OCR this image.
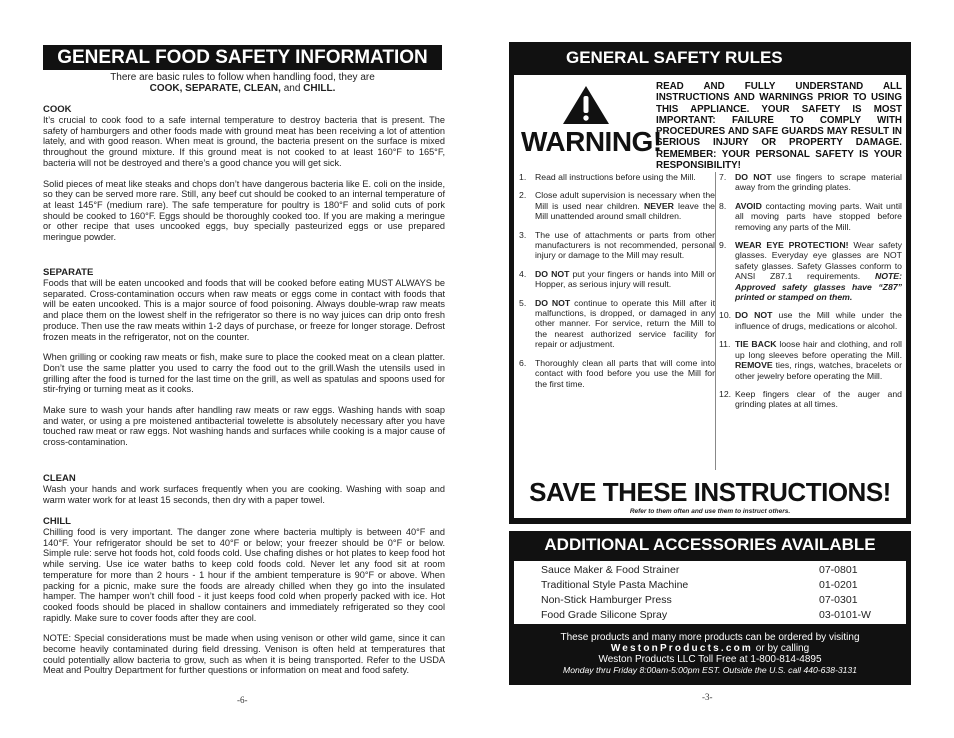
GENERAL FOOD SAFETY INFORMATION
There are basic rules to follow when handling food, they are
COOK, SEPARATE, CLEAN, and CHILL.
COOK

It’s crucial to cook food to a safe internal temperature to destroy bacteria that is present. The safety of hamburgers and other foods made with ground meat has been receiving a lot of attention lately, and with good reason. When meat is ground, the bacteria present on the surface is mixed throughout the ground mixture. If this ground meat is not cooked to at least 160°F to 165°F, bacteria will not be destroyed and there’s a good chance you will get sick.

Solid pieces of meat like steaks and chops don’t have dangerous bacteria like E. coli on the inside, so they can be served more rare. Still, any beef cut should be cooked to an internal temperature of at least 145°F (medium rare). The safe temperature for poultry is 180°F and solid cuts of pork should be cooked to 160°F. Eggs should be thoroughly cooked too. If you are making a meringue or other recipe that uses uncooked eggs, buy specially pasteurized eggs or use prepared meringue powder.

SEPARATE

Foods that will be eaten uncooked and foods that will be cooked before eating MUST ALWAYS be separated. Cross-contamination occurs when raw meats or eggs come in contact with foods that will be eaten uncooked. This is a major source of food poisoning. Always double-wrap raw meats and place them on the lowest shelf in the refrigerator so there is no way juices can drip onto fresh produce. Then use the raw meats within 1-2 days of purchase, or freeze for longer storage. Defrost frozen meats in the refrigerator, not on the counter.

When grilling or cooking raw meats or fish, make sure to place the cooked meat on a clean platter. Don’t use the same platter you used to carry the food out to the grill.Wash the utensils used in grilling after the food is turned for the last time on the grill, as well as spatulas and spoons used for stir-frying or turning meat as it cooks.

Make sure to wash your hands after handling raw meats or raw eggs. Washing hands with soap and water, or using a pre moistened antibacterial towelette is absolutely necessary after you have touched raw meat or raw eggs. Not washing hands and surfaces while cooking is a major cause of cross-contamination.

CLEAN

Wash your hands and work surfaces frequently when you are cooking. Washing with soap and warm water work for at least 15 seconds, then dry with a paper towel.

CHILL

Chilling food is very important. The danger zone where bacteria multiply is between 40°F and 140°F. Your refrigerator should be set to 40°F or below; your freezer should be 0°F or below. Simple rule: serve hot foods hot, cold foods cold. Use chafing dishes or hot plates to keep food hot while serving. Use ice water baths to keep cold foods cold. Never let any food sit at room temperature for more than 2 hours - 1 hour if the ambient temperature is 90°F or above. When packing for a picnic, make sure the foods are already chilled when they go into the insulated hamper. The hamper won’t chill food - it just keeps food cold when properly packed with ice. Hot cooked foods should be placed in shallow containers and immediately refrigerated so they cool rapidly. Make sure to cover foods after they are cool.

NOTE: Special considerations must be made when using venison or other wild game, since it can become heavily contaminated during field dressing. Venison is often held at temperatures that could potentially allow bacteria to grow, such as when it is being transported. Refer to the USDA Meat and Poultry Department for further questions or information on meat and food safety.

-6-
GENERAL SAFETY RULES
WARNING!
READ AND FULLY UNDERSTAND ALL INSTRUCTIONS AND WARNINGS PRIOR TO USING THIS APPLIANCE. YOUR SAFETY IS MOST IMPORTANT: FAILURE TO COMPLY WITH PROCEDURES AND SAFE GUARDS MAY RESULT IN SERIOUS INJURY OR PROPERTY DAMAGE. REMEMBER: YOUR PERSONAL SAFETY IS YOUR RESPONSIBILITY!
1.	Read all instructions before using the Mill.
2.	Close adult supervision is necessary when the Mill is used near children. NEVER leave the Mill unattended around small children.
3.	The use of attachments or parts from other manufacturers is not recommended, personal injury or damage to the Mill may result.
4.	DO NOT put your fingers or hands into Mill or Hopper, as serious injury will result.
5.	DO NOT continue to operate this Mill after it malfunctions, is dropped, or damaged in any other manner. For service, return the Mill to the nearest authorized service facility for repair or adjustment.
6.	Thoroughly clean all parts that will come into contact with food before you use the Mill for the first time.
7.	DO NOT use fingers to scrape material away from the grinding plates.
8.	AVOID contacting moving parts. Wait until all moving parts have stopped before removing any parts of the Mill.
9.	WEAR EYE PROTECTION! Wear safety glasses. Everyday eye glasses are NOT safety glasses. Safety Glasses conform to ANSI Z87.1 requirements. NOTE: Approved safety glasses have “Z87” printed or stamped on them.
10. DO NOT use the Mill while under the influence of drugs, medications or alcohol.
11. TIE BACK loose hair and clothing, and roll up long sleeves before operating the Mill. REMOVE ties, rings, watches, bracelets or other jewelry before operating the Mill.
12. Keep fingers clear of the auger and grinding plates at all times.
SAVE THESE INSTRUCTIONS!
Refer to them often and use them to instruct others.
ADDITIONAL ACCESSORIES AVAILABLE
Sauce Maker & Food Strainer	07-0801
Traditional Style Pasta Machine	01-0201
Non-Stick Hamburger Press	07-0301
Food Grade Silicone Spray	03-0101-W
These products and many more products can be ordered by visiting
WestonProducts.com or by calling
Weston Products LLC Toll Free at 1-800-814-4895
Monday thru Friday 8:00am-5:00pm EST. Outside the U.S. call 440-638-3131
-3-
